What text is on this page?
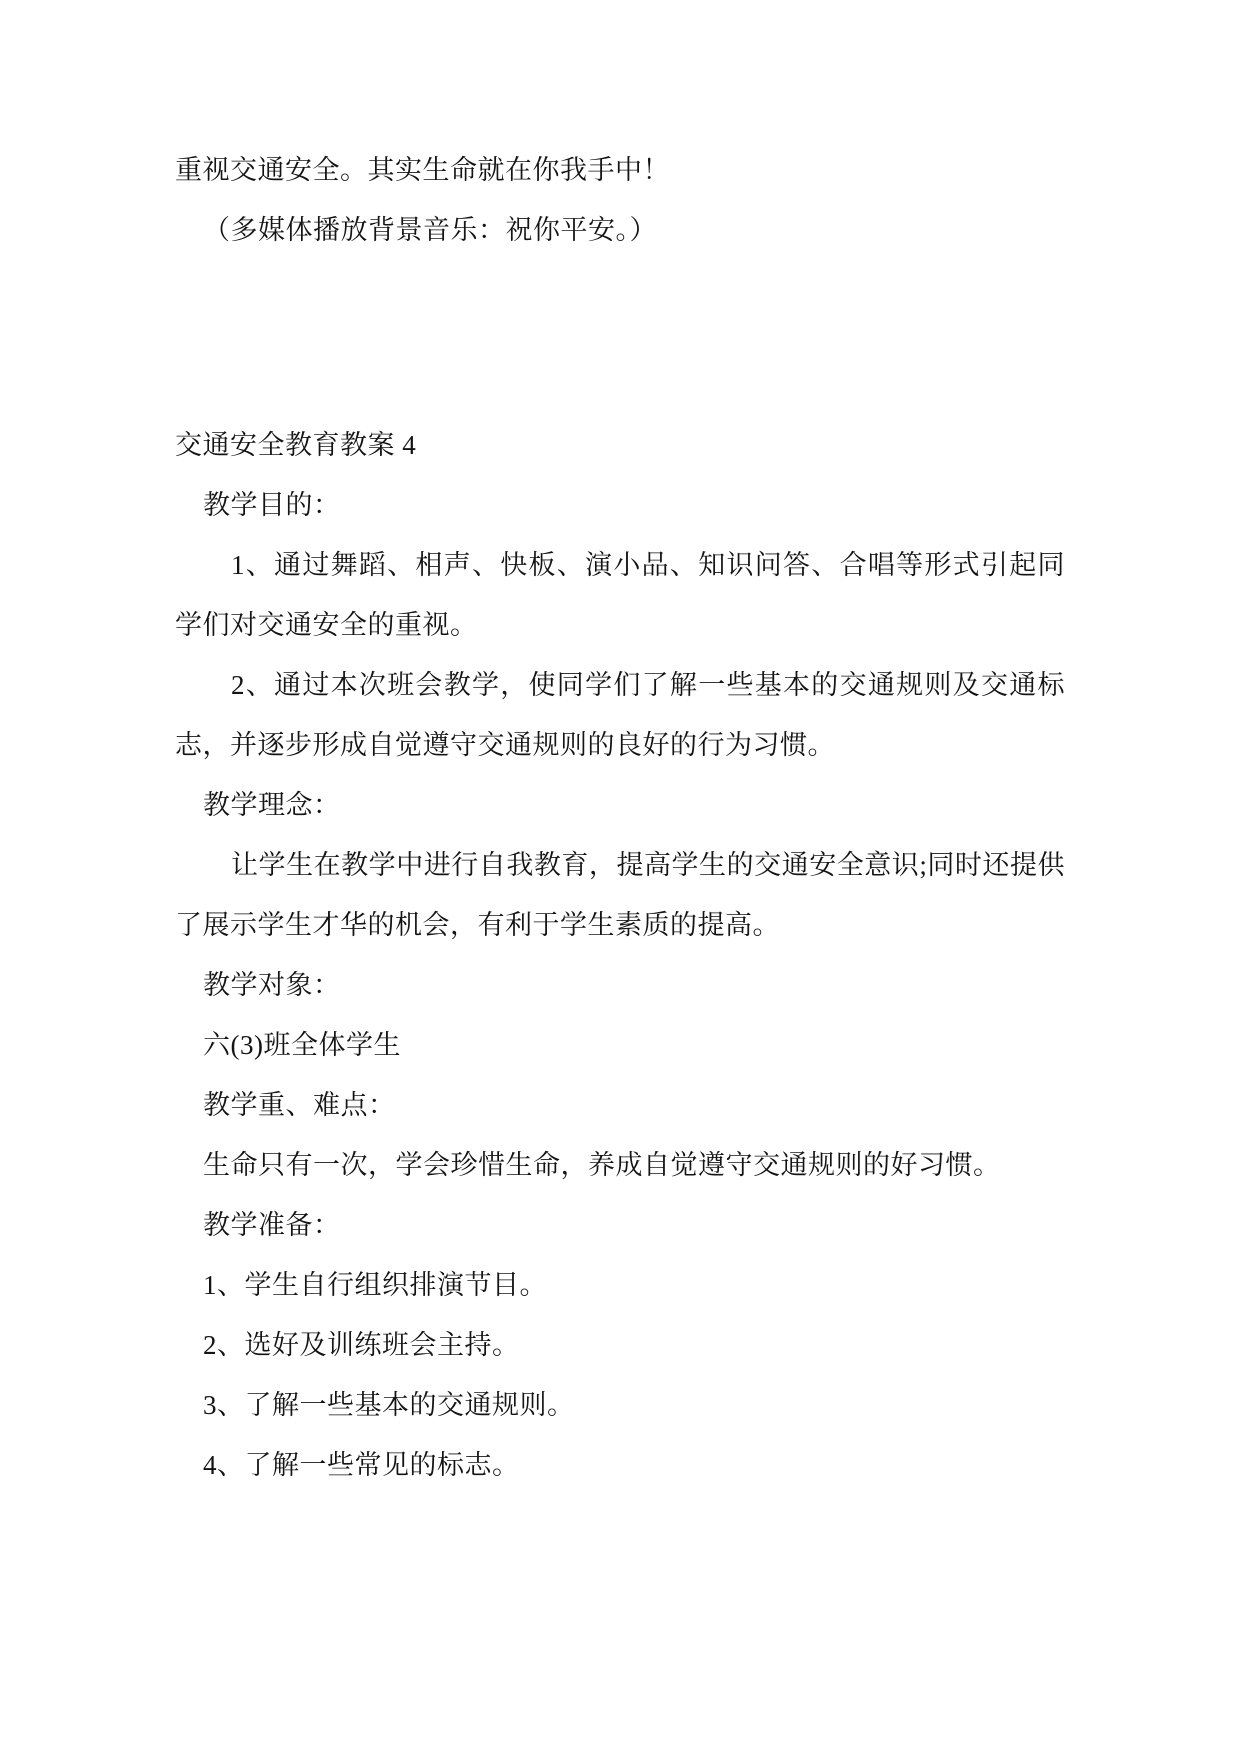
重视交通安全。其实生命就在你我手中！

（多媒体播放背景音乐：祝你平安。）

交通安全教育教案 4

教学目的：

1、通过舞蹈、相声、快板、演小品、知识问答、合唱等形式引起同学们对交通安全的重视。

2、通过本次班会教学，使同学们了解一些基本的交通规则及交通标志，并逐步形成自觉遵守交通规则的良好的行为习惯。

教学理念：

让学生在教学中进行自我教育，提高学生的交通安全意识;同时还提供了展示学生才华的机会，有利于学生素质的提高。

教学对象：

六(3)班全体学生

教学重、难点：

生命只有一次，学会珍惜生命，养成自觉遵守交通规则的好习惯。

教学准备：

1、学生自行组织排演节目。

2、选好及训练班会主持。

3、了解一些基本的交通规则。

4、了解一些常见的标志。
